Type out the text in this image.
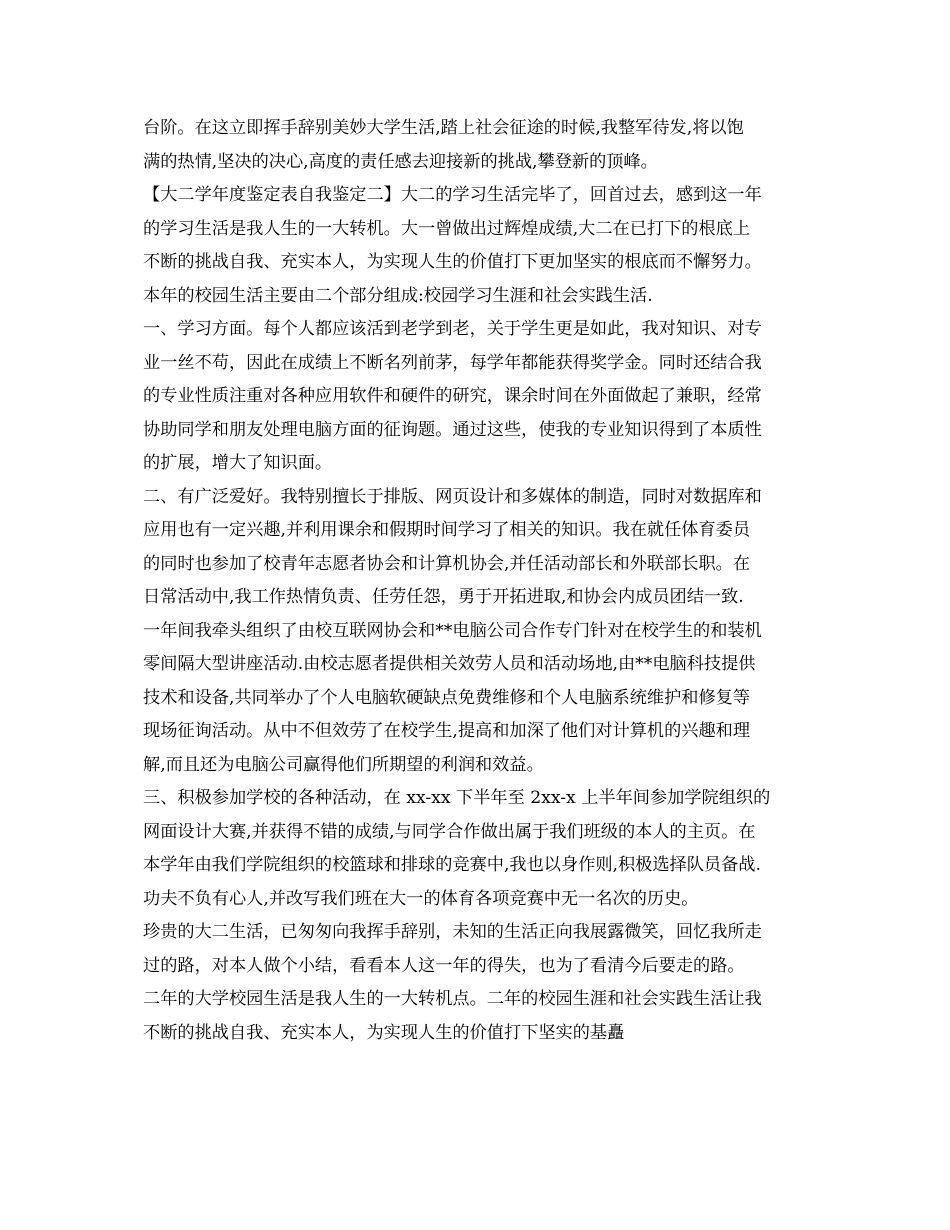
台阶。在这立即挥手辞别美妙大学生活,踏上社会征途的时候,我整军待发,将以饱
满的热情,坚决的决心,高度的责任感去迎接新的挑战,攀登新的顶峰。
【大二学年度鉴定表自我鉴定二】大二的学习生活完毕了，回首过去，感到这一年
的学习生活是我人生的一大转机。大一曾做出过辉煌成绩,大二在已打下的根底上
不断的挑战自我、充实本人，为实现人生的价值打下更加坚实的根底而不懈努力。
本年的校园生活主要由二个部分组成:校园学习生涯和社会实践生活.
一、学习方面。每个人都应该活到老学到老，关于学生更是如此，我对知识、对专
业一丝不苟，因此在成绩上不断名列前茅，每学年都能获得奖学金。同时还结合我
的专业性质注重对各种应用软件和硬件的研究，课余时间在外面做起了兼职，经常
协助同学和朋友处理电脑方面的征询题。通过这些，使我的专业知识得到了本质性
的扩展，增大了知识面。
二、有广泛爱好。我特别擅长于排版、网页设计和多媒体的制造，同时对数据库和
应用也有一定兴趣,并利用课余和假期时间学习了相关的知识。我在就任体育委员
的同时也参加了校青年志愿者协会和计算机协会,并任活动部长和外联部长职。在
日常活动中,我工作热情负责、任劳任怨，勇于开拓进取,和协会内成员团结一致.
一年间我牵头组织了由校互联网协会和**电脑公司合作专门针对在校学生的和装机
零间隔大型讲座活动.由校志愿者提供相关效劳人员和活动场地,由**电脑科技提供
技术和设备,共同举办了个人电脑软硬缺点免费维修和个人电脑系统维护和修复等
现场征询活动。从中不但效劳了在校学生,提高和加深了他们对计算机的兴趣和理
解,而且还为电脑公司赢得他们所期望的利润和效益。
三、积极参加学校的各种活动，在 xx-xx 下半年至 2xx-x 上半年间参加学院组织的
网面设计大赛,并获得不错的成绩,与同学合作做出属于我们班级的本人的主页。在
本学年由我们学院组织的校篮球和排球的竞赛中,我也以身作则,积极选择队员备战.
功夫不负有心人,并改写我们班在大一的体育各项竞赛中无一名次的历史。
珍贵的大二生活，已匆匆向我挥手辞别，未知的生活正向我展露微笑，回忆我所走
过的路，对本人做个小结，看看本人这一年的得失，也为了看清今后要走的路。
二年的大学校园生活是我人生的一大转机点。二年的校园生涯和社会实践生活让我
不断的挑战自我、充实本人，为实现人生的价值打下坚实的基矗
